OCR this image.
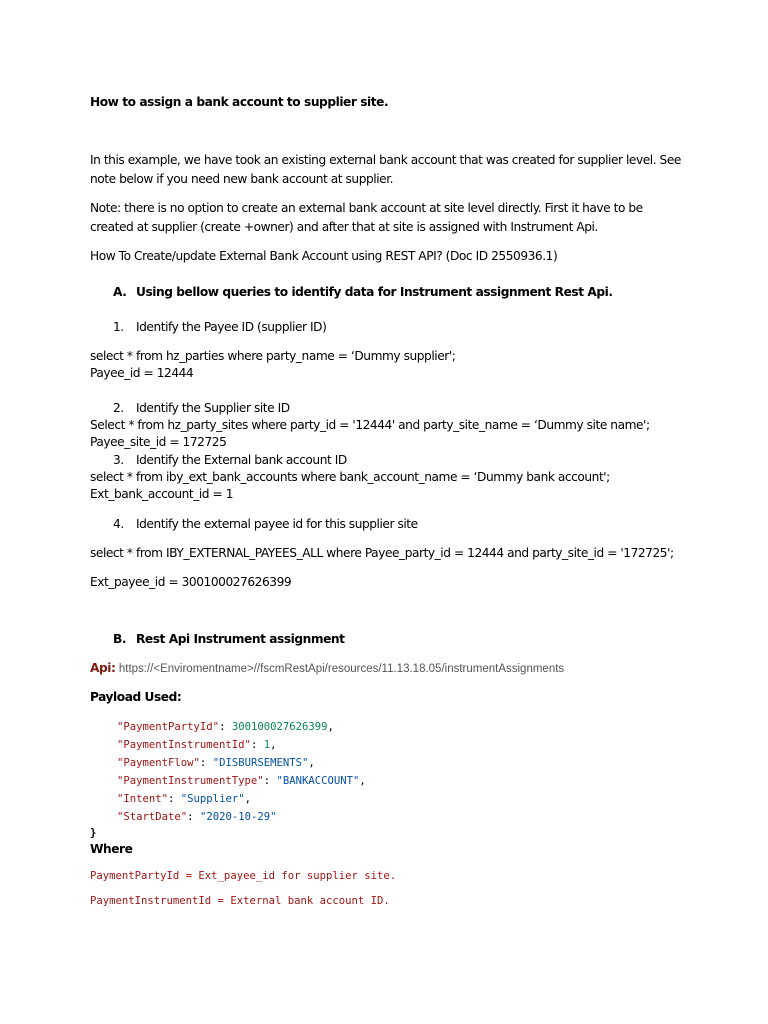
How to assign a bank account to supplier site.

In this example, we have took an existing external bank account that was created for supplier level. See

note below if you need new bank account at supplier.

Note: there is no option to create an external bank account at site level directly. First it have to be

created at supplier (create +owner) and after that at site is assigned with Instrument Api.

How To Create/update External Bank Account using REST API? (Doc ID 2550936.1)

A. Using bellow queries to identify data for Instrument assignment Rest Api.

1. Identify the Payee ID (supplier ID)

select * from hz_parties where party_name = ‘Dummy supplier';

Payee_id = 12444

2. Identify the Supplier site ID

Select * from hz_party_sites where party_id = '12444' and party_site_name = ‘Dummy site name';

Payee_site_id = 172725

3. Identify the External bank account ID

select * from iby_ext_bank_accounts where bank_account_name = ‘Dummy bank account';

Ext_bank_account_id = 1

4. Identify the external payee id for this supplier site

select * from IBY_EXTERNAL_PAYEES_ALL where Payee_party_id = 12444 and party_site_id = '172725';

Ext_payee_id = 300100027626399

B. Rest Api Instrument assignment

Api: https://<Enviromentname>//fscmRestApi/resources/11.13.18.05/instrumentAssignments

Payload Used:

"PaymentPartyId": 300100027626399,

"PaymentInstrumentId": 1,

"PaymentFlow": "DISBURSEMENTS",

"PaymentInstrumentType": "BANKACCOUNT",

"Intent": "Supplier",

"StartDate": "2020-10-29"

}

Where

PaymentPartyId = Ext_payee_id for supplier site.

PaymentInstrumentId = External bank account ID.
